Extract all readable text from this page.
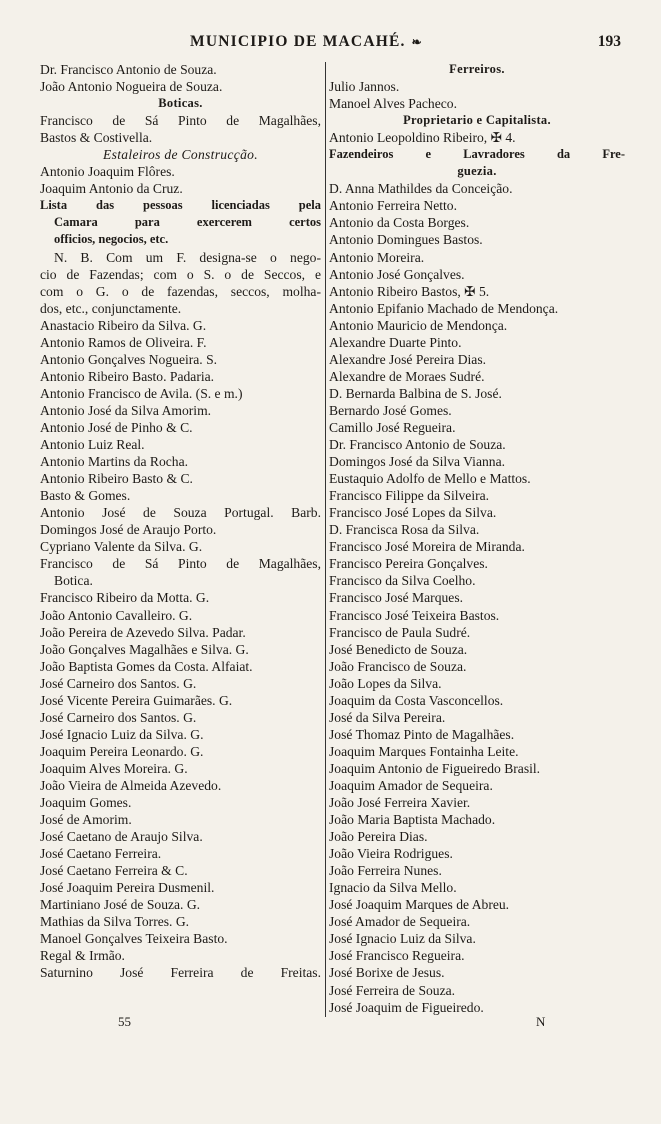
MUNICIPIO DE MACAHÉ. ❧	193
Dr. Francisco Antonio de Souza.
João Antonio Nogueira de Souza.
Boticas.
Francisco de Sá Pinto de Magalhães,
Bastos & Costivella.
Estaleiros de Construcção.
Antonio Joaquim Flôres.
Joaquim Antonio da Cruz.
Lista das pessoas licenciadas pela
Camara para exercerem certos
officios, negocios, etc.
N. B. Com um F. designa-se o nego-
cio de Fazendas; com o S. o de Seccos, e
com o G. o de fazendas, seccos, molha-
dos, etc., conjunctamente.
Anastacio Ribeiro da Silva. G.
Antonio Ramos de Oliveira. F.
Antonio Gonçalves Nogueira. S.
Antonio Ribeiro Basto. Padaria.
Antonio Francisco de Avila. (S. e m.)
Antonio José da Silva Amorim.
Antonio José de Pinho & C.
Antonio Luiz Real.
Antonio Martins da Rocha.
Antonio Ribeiro Basto & C.
Basto & Gomes.
Antonio José de Souza Portugal. Barb.
Domingos José de Araujo Porto.
Cypriano Valente da Silva. G.
Francisco de Sá Pinto de Magalhães,
Botica.
Francisco Ribeiro da Motta. G.
João Antonio Cavalleiro. G.
João Pereira de Azevedo Silva. Padar.
João Gonçalves Magalhães e Silva. G.
João Baptista Gomes da Costa. Alfaiat.
José Carneiro dos Santos. G.
José Vicente Pereira Guimarães. G.
José Carneiro dos Santos. G.
José Ignacio Luiz da Silva. G.
Joaquim Pereira Leonardo. G.
Joaquim Alves Moreira. G.
João Vieira de Almeida Azevedo.
Joaquim Gomes.
José de Amorim.
José Caetano de Araujo Silva.
José Caetano Ferreira.
José Caetano Ferreira & C.
José Joaquim Pereira Dusmenil.
Martiniano José de Souza. G.
Mathias da Silva Torres. G.
Manoel Gonçalves Teixeira Basto.
Regal & Irmão.
Saturnino José Ferreira de Freitas.
Ferreiros.
Julio Jannos.
Manoel Alves Pacheco.
Proprietario e Capitalista.
Antonio Leopoldino Ribeiro, ✠ 4.
Fazendeiros e Lavradores da Fre-
guezia.
D. Anna Mathildes da Conceição.
Antonio Ferreira Netto.
Antonio da Costa Borges.
Antonio Domingues Bastos.
Antonio Moreira.
Antonio José Gonçalves.
Antonio Ribeiro Bastos, ✠ 5.
Antonio Epifanio Machado de Mendonça.
Antonio Mauricio de Mendonça.
Alexandre Duarte Pinto.
Alexandre José Pereira Dias.
Alexandre de Moraes Sudré.
D. Bernarda Balbina de S. José.
Bernardo José Gomes.
Camillo José Regueira.
Dr. Francisco Antonio de Souza.
Domingos José da Silva Vianna.
Eustaquio Adolfo de Mello e Mattos.
Francisco Filippe da Silveira.
Francisco José Lopes da Silva.
D. Francisca Rosa da Silva.
Francisco José Moreira de Miranda.
Francisco Pereira Gonçalves.
Francisco da Silva Coelho.
Francisco José Marques.
Francisco José Teixeira Bastos.
Francisco de Paula Sudré.
José Benedicto de Souza.
João Francisco de Souza.
João Lopes da Silva.
Joaquim da Costa Vasconcellos.
José da Silva Pereira.
José Thomaz Pinto de Magalhães.
Joaquim Marques Fontainha Leite.
Joaquim Antonio de Figueiredo Brasil.
Joaquim Amador de Sequeira.
João José Ferreira Xavier.
João Maria Baptista Machado.
João Pereira Dias.
João Vieira Rodrigues.
João Ferreira Nunes.
Ignacio da Silva Mello.
José Joaquim Marques de Abreu.
José Amador de Sequeira.
José Ignacio Luiz da Silva.
José Francisco Regueira.
José Borixe de Jesus.
José Ferreira de Souza.
José Joaquim de Figueiredo.
55	N
